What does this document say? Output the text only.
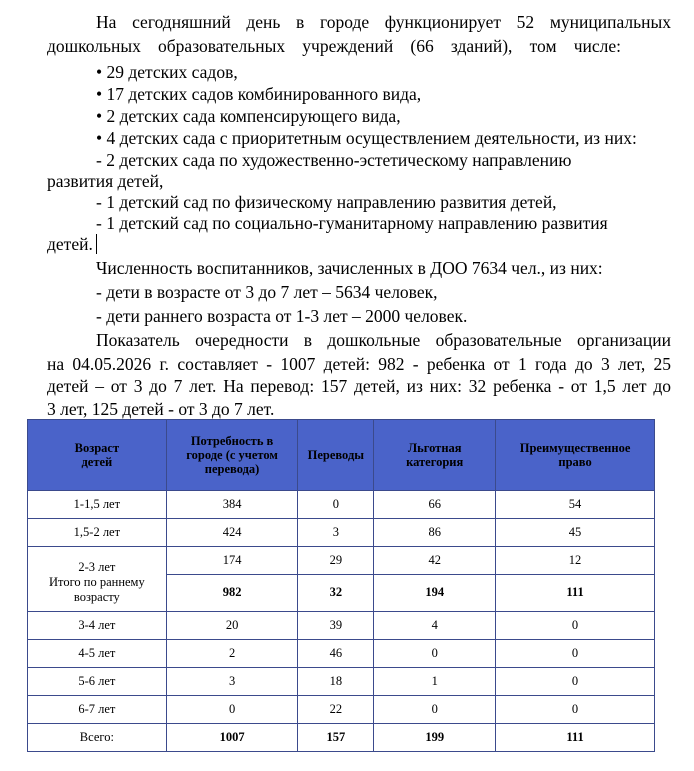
На сегодняшний день в городе функционирует 52 муниципальных
дошкольных образовательных учреждений (66 зданий), том числе:
• 29 детских садов,
• 17 детских садов комбинированного вида,
• 2 детских сада компенсирующего вида,
• 4 детских сада с приоритетным осуществлением деятельности, из них:
- 2 детских сада по художественно-эстетическому направлению
развития детей,
- 1 детский сад по физическому направлению развития детей,
- 1 детский сад по социально-гуманитарному направлению развития
детей.
Численность воспитанников, зачисленных в ДОО 7634 чел., из них:
- дети в возрасте от 3 до 7 лет – 5634 человек,
- дети раннего возраста от 1-3 лет – 2000 человек.
Показатель очередности в дошкольные образовательные организации
на 04.05.2026 г. составляет - 1007 детей: 982 - ребенка от 1 года до 3 лет, 25
детей – от 3 до 7 лет. На перевод: 157 детей, из них: 32 ребенка - от 1,5 лет до
3 лет, 125 детей - от 3 до 7 лет.
Возраст детей	Потребность в городе (с учетом перевода)	Переводы	Льготная категория	Преимущественное право
1-1,5 лет	384	0	66	54
1,5-2 лет	424	3	86	45
2-3 лет	174	29	42	12
Итого по раннему возрасту	982	32	194	111
3-4 лет	20	39	4	0
4-5 лет	2	46	0	0
5-6 лет	3	18	1	0
6-7 лет	0	22	0	0
Всего:	1007	157	199	111
